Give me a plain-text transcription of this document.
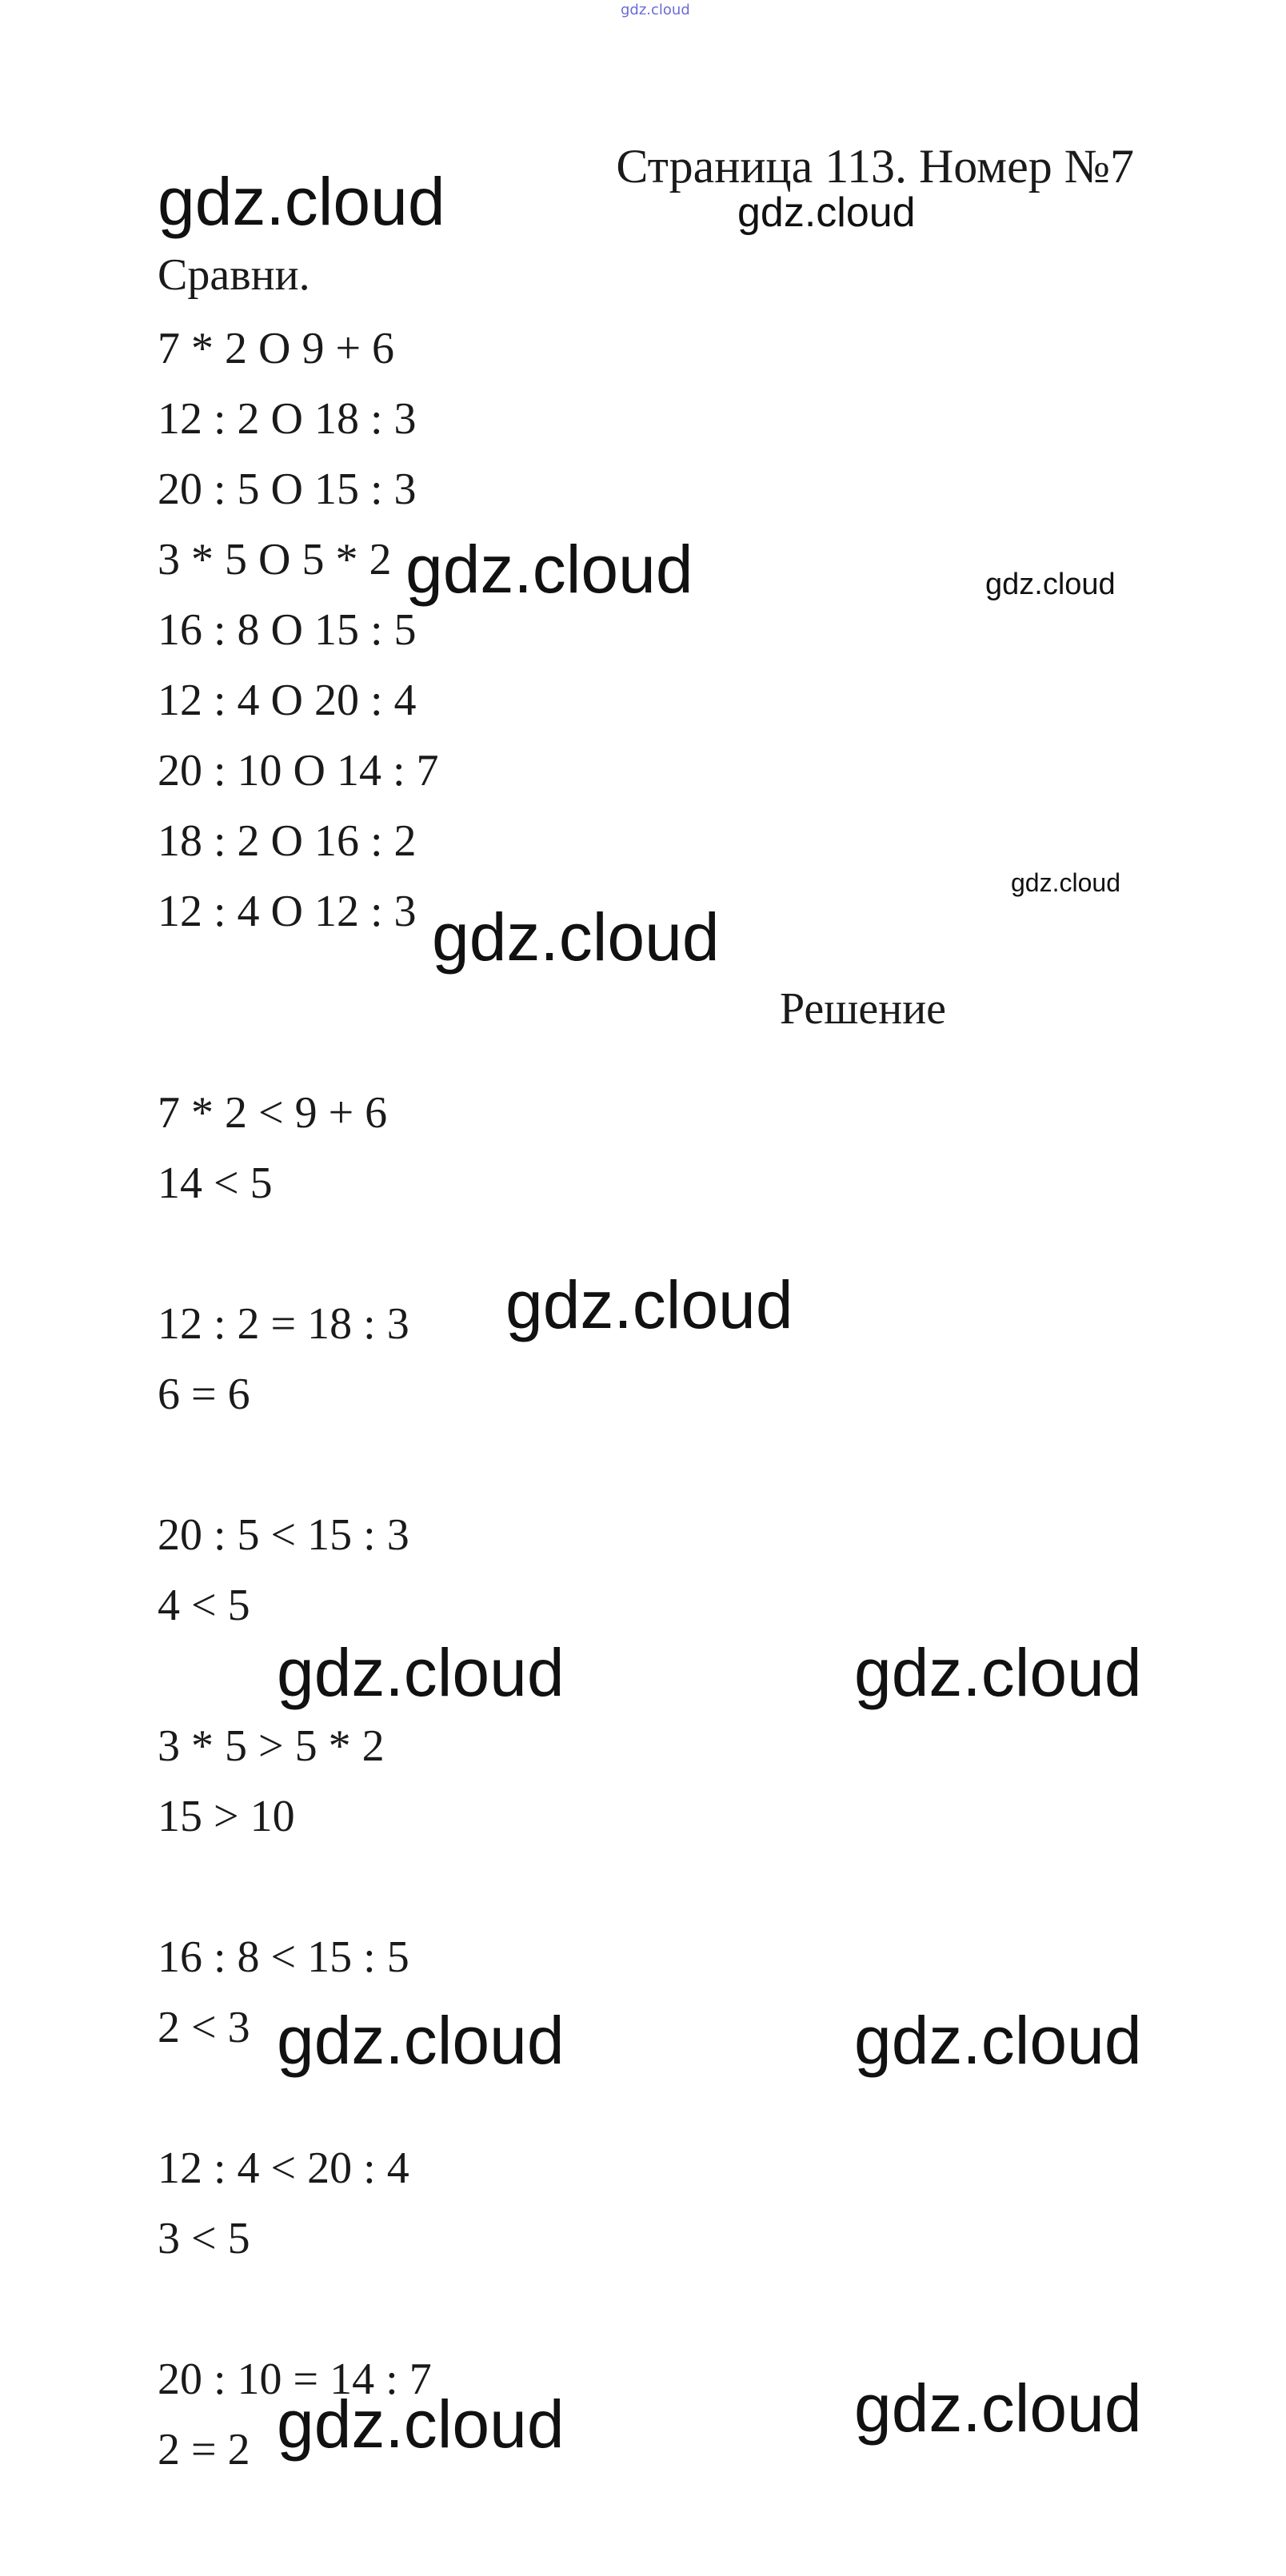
gdz.cloud
Страница 113. Номер №7
Сравни.
7 * 2 O 9 + 6
12 : 2 O 18 : 3
20 : 5 O 15 : 3
3 * 5 O 5 * 2
16 : 8 O 15 : 5
12 : 4 O 20 : 4
20 : 10 O 14 : 7
18 : 2 O 16 : 2
12 : 4 O 12 : 3
Решение
7 * 2 < 9 + 6
14 < 5
12 : 2 = 18 : 3
6 = 6
20 : 5 < 15 : 3
4 < 5
3 * 5 > 5 * 2
15 > 10
16 : 8 < 15 : 5
2 < 3
12 : 4 < 20 : 4
3 < 5
20 : 10 = 14 : 7
2 = 2
gdz.cloud	gdz.cloud
gdz.cloud	gdz.cloud
gdz.cloud
gdz.cloud
gdz.cloud
gdz.cloud	gdz.cloud
gdz.cloud	gdz.cloud
gdz.cloud	gdz.cloud
